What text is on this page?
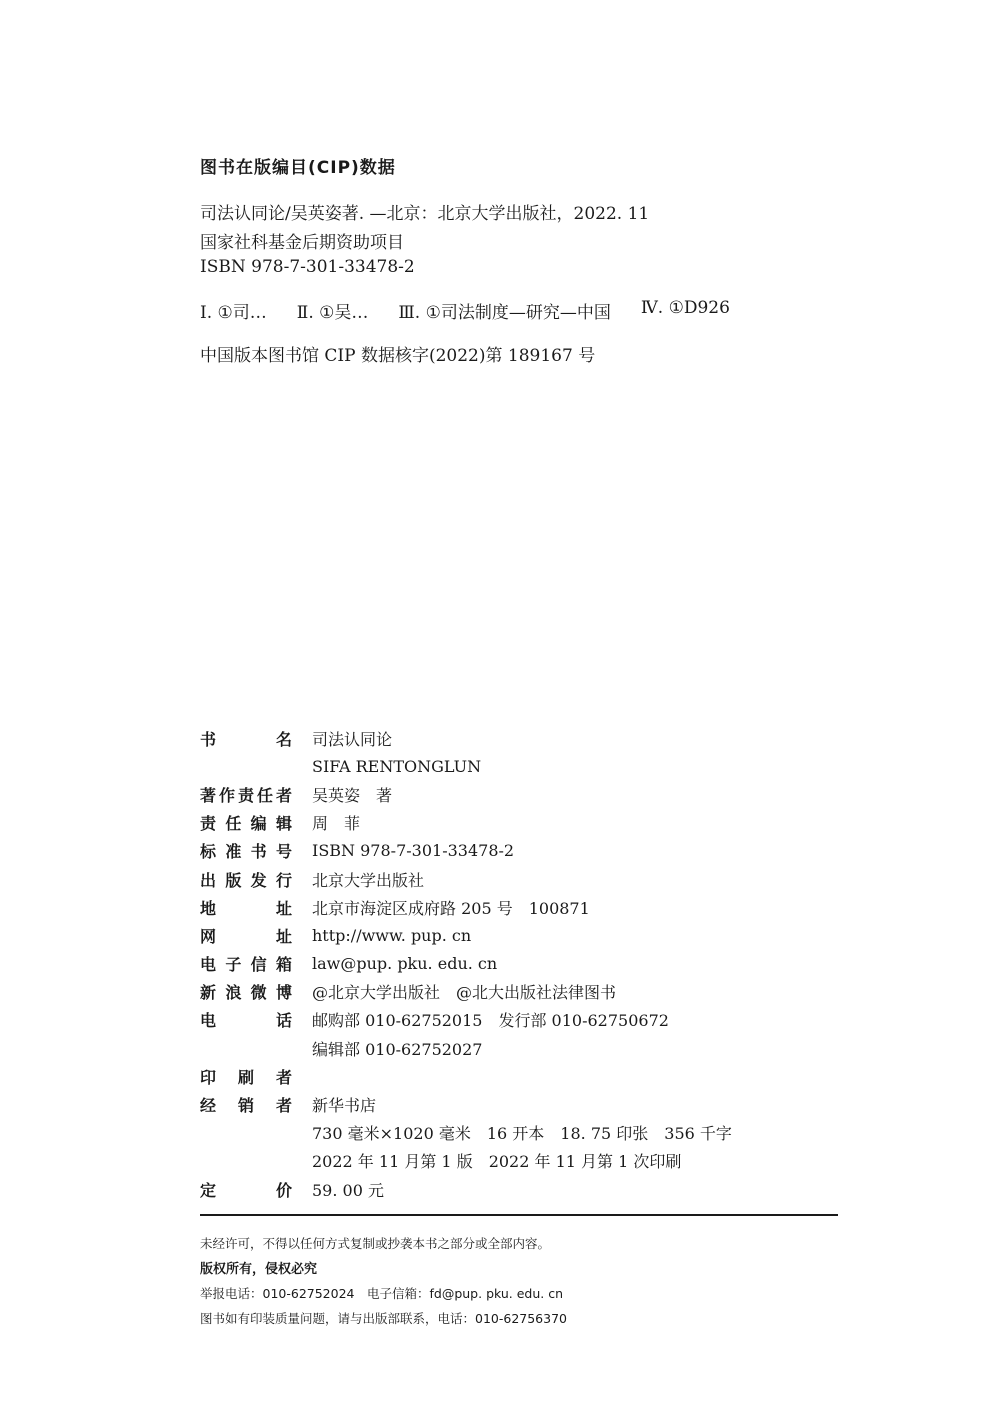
图书在版编目(CIP)数据

司法认同论/吴英姿著. —北京：北京大学出版社，2022. 11

国家社科基金后期资助项目

ISBN 978-7-301-33478-2

Ⅰ. ①司… Ⅱ. ①吴… Ⅲ. ①司法制度—研究—中国 Ⅳ. ①D926

中国版本图书馆 CIP 数据核字(2022)第 189167 号

书　　名 司法认同论
SIFA RENTONGLUN
著作责任者 吴英姿　著
责任编辑 周　菲
标准书号 ISBN 978-7-301-33478-2
出版发行 北京大学出版社
地　　址 北京市海淀区成府路 205 号　100871
网　　址 http://www. pup. cn
电子信箱 law@pup. pku. edu. cn
新浪微博 @北京大学出版社　@北大出版社法律图书
电　　话 邮购部 010-62752015　发行部 010-62750672
编辑部 010-62752027
印 刷 者
经 销 者 新华书店
730 毫米×1020 毫米　16 开本　18. 75 印张　356 千字
2022 年 11 月第 1 版　2022 年 11 月第 1 次印刷
定　　价 59. 00 元

未经许可，不得以任何方式复制或抄袭本书之部分或全部内容。

版权所有，侵权必究

举报电话：010-62752024　电子信箱：fd@pup. pku. edu. cn

图书如有印装质量问题，请与出版部联系，电话：010-62756370
